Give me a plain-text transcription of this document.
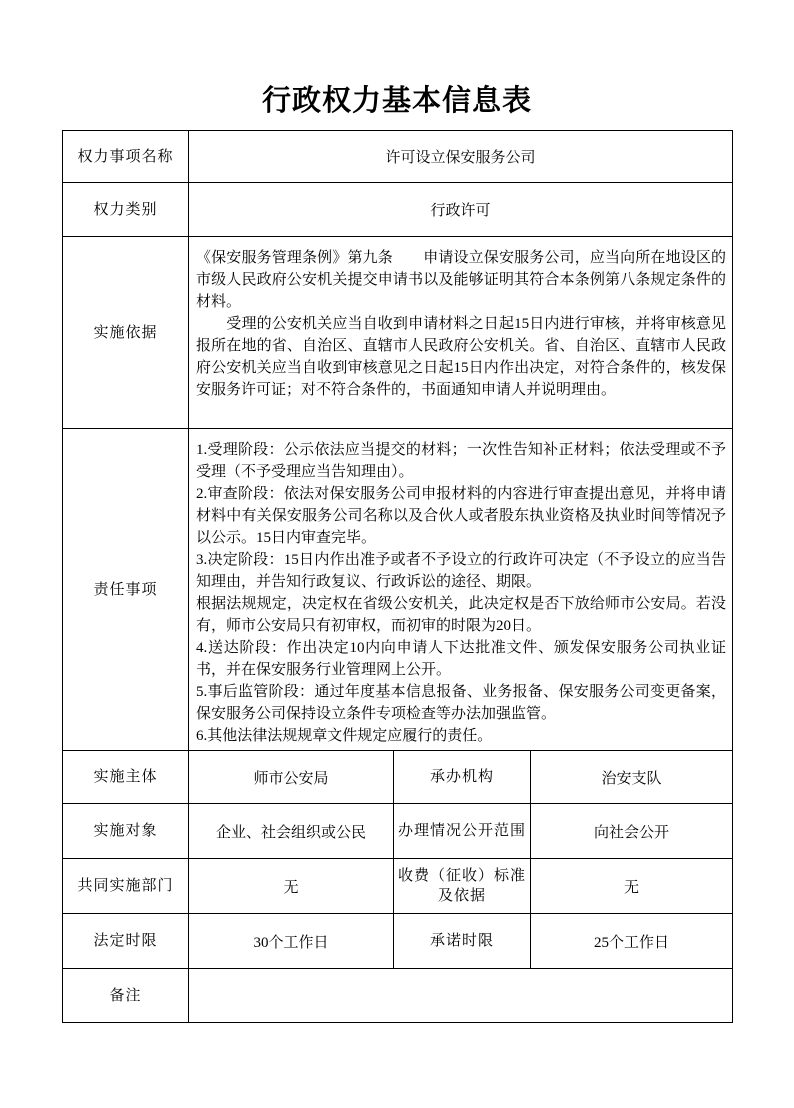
行政权力基本信息表
权力事项名称	许可设立保安服务公司		
权力类别	行政许可		
实施依据	《保安服务管理条例》第九条　　申请设立保安服务公司，应当向所在地设区的市级人民政府公安机关提交申请书以及能够证明其符合本条例第八条规定条件的材料。

　　受理的公安机关应当自收到申请材料之日起15日内进行审核，并将审核意见报所在地的省、自治区、直辖市人民政府公安机关。省、自治区、直辖市人民政府公安机关应当自收到审核意见之日起15日内作出决定，对符合条件的，核发保安服务许可证；对不符合条件的，书面通知申请人并说明理由。		

责任事项	

1.受理阶段：公示依法应当提交的材料；一次性告知补正材料；依法受理或不予受理（不予受理应当告知理由）。

2.审查阶段：依法对保安服务公司申报材料的内容进行审查提出意见，并将申请材料中有关保安服务公司名称以及合伙人或者股东执业资格及执业时间等情况予以公示。15日内审查完毕。

3.决定阶段：15日内作出准予或者不予设立的行政许可决定（不予设立的应当告知理由，并告知行政复议、行政诉讼的途径、期限。

根据法规规定，决定权在省级公安机关，此决定权是否下放给师市公安局。若没有，师市公安局只有初审权，而初审的时限为20日。

4.送达阶段：作出决定10内向申请人下达批准文件、颁发保安服务公司执业证书，并在保安服务行业管理网上公开。

5.事后监管阶段：通过年度基本信息报备、业务报备、保安服务公司变更备案，保安服务公司保持设立条件专项检查等办法加强监管。

6.其他法律法规规章文件规定应履行的责任。

实施主体	师市公安局	承办机构	治安支队
实施对象	企业、社会组织或公民	办理情况公开范围	向社会公开
共同实施部门	无	收费（征收）标准及依据	无
法定时限	30个工作日	承诺时限	25个工作日
备注			
